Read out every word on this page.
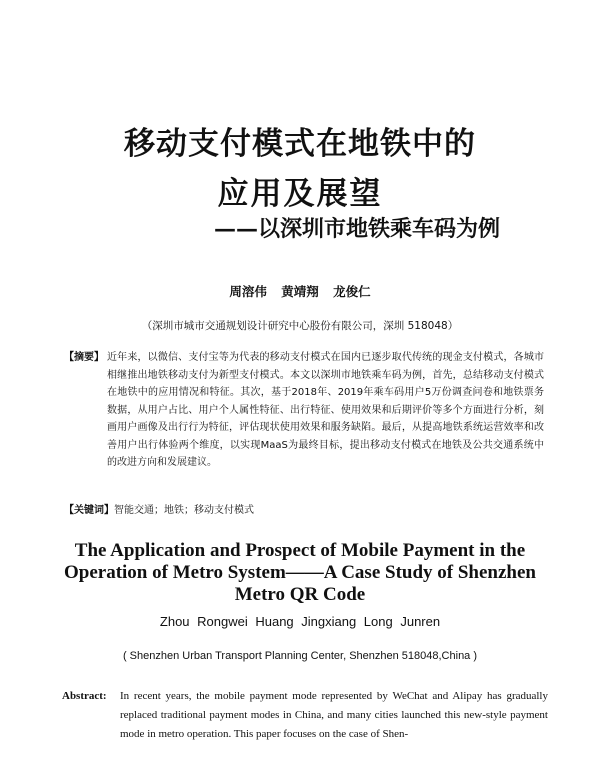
移动支付模式在地铁中的
应用及展望
——以深圳市地铁乘车码为例
周溶伟 黄靖翔 龙俊仁
（深圳市城市交通规划设计研究中心股份有限公司，深圳 518048）
【摘要】 近年来，以微信、支付宝等为代表的移动支付模式在国内已逐步取代传统的现金支付模式，各城市相继推出地铁移动支付为新型支付模式。本文以深圳市地铁乘车码为例，首先，总结移动支付模式在地铁中的应用情况和特征。其次，基于2018年、2019年乘车码用户5万份调查问卷和地铁票务数据，从用户占比、用户个人属性特征、出行特征、使用效果和后期评价等多个方面进行分析，刻画用户画像及出行行为特征，评估现状使用效果和服务缺陷。最后，从提高地铁系统运营效率和改善用户出行体验两个维度，以实现MaaS为最终目标，提出移动支付模式在地铁及公共交通系统中的改进方向和发展建议。
【关键词】智能交通；地铁；移动支付模式
The Application and Prospect of Mobile Payment in the Operation of Metro System——A Case Study of Shenzhen Metro QR Code
Zhou Rongwei Huang Jingxiang Long Junren
( Shenzhen Urban Transport Planning Center, Shenzhen 518048,China )
Abstract:	In recent years, the mobile payment mode represented by WeChat and Alipay has gradually replaced traditional payment modes in China, and many cities launched this new-style payment mode in metro operation. This paper focuses on the case of Shen-
